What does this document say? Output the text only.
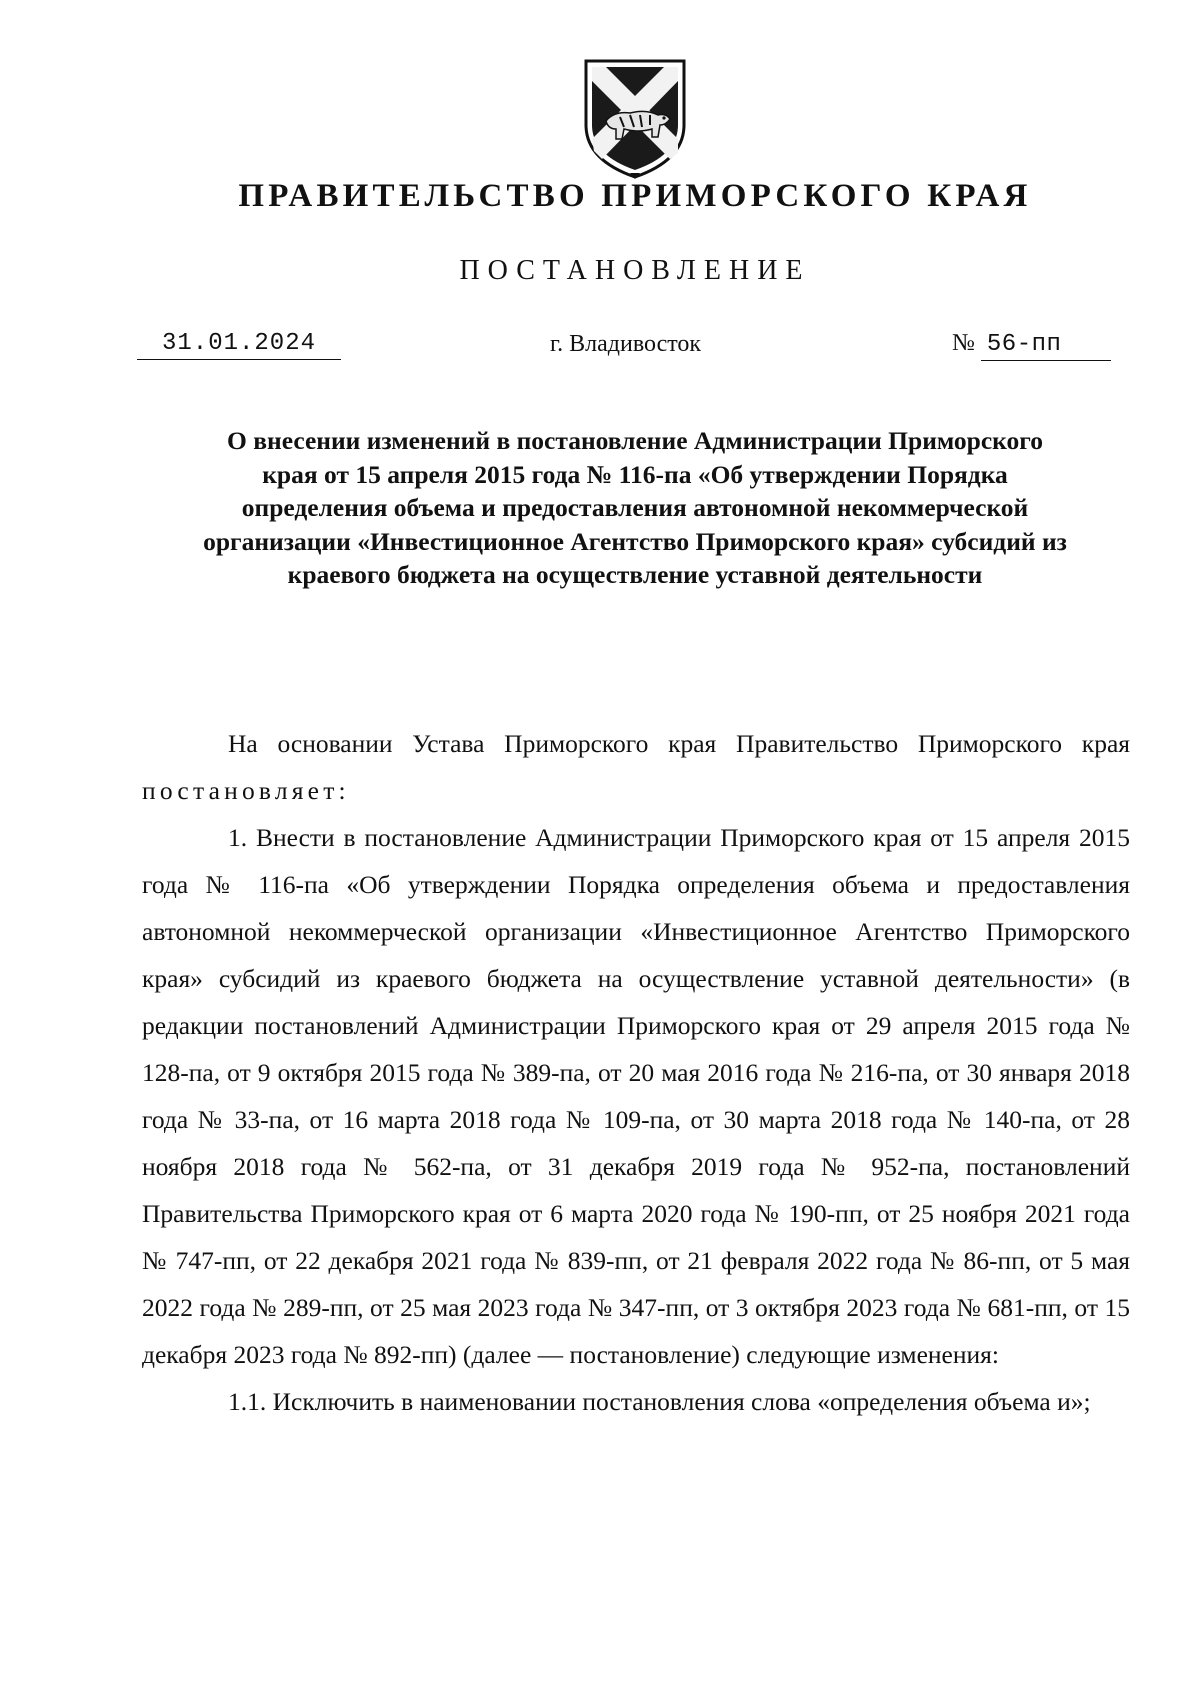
ПРАВИТЕЛЬСТВО ПРИМОРСКОГО КРАЯ
ПОСТАНОВЛЕНИЕ
31.01.2024	г. Владивосток	№ 56-пп
О внесении изменений в постановление Администрации Приморского края от 15 апреля 2015 года № 116-па «Об утверждении Порядка определения объема и предоставления автономной некоммерческой организации «Инвестиционное Агентство Приморского края» субсидий из краевого бюджета на осуществление уставной деятельности

На основании Устава Приморского края Правительство Приморского края постановляет:

1. Внести в постановление Администрации Приморского края от 15 апреля 2015 года № 116-па «Об утверждении Порядка определения объема и предоставления автономной некоммерческой организации «Инвестиционное Агентство Приморского края» субсидий из краевого бюджета на осуществление уставной деятельности» (в редакции постановлений Администрации Приморского края от 29 апреля 2015 года № 128-па, от 9 октября 2015 года № 389-па, от 20 мая 2016 года № 216-па, от 30 января 2018 года № 33-па, от 16 марта 2018 года № 109-па, от 30 марта 2018 года № 140-па, от 28 ноября 2018 года № 562-па, от 31 декабря 2019 года № 952-па, постановлений Правительства Приморского края от 6 марта 2020 года № 190-пп, от 25 ноября 2021 года № 747-пп, от 22 декабря 2021 года № 839-пп, от 21 февраля 2022 года № 86-пп, от 5 мая 2022 года № 289-пп, от 25 мая 2023 года № 347-пп, от 3 октября 2023 года № 681-пп, от 15 декабря 2023 года № 892-пп) (далее — постановление) следующие изменения:

1.1. Исключить в наименовании постановления слова «определения объема и»;
